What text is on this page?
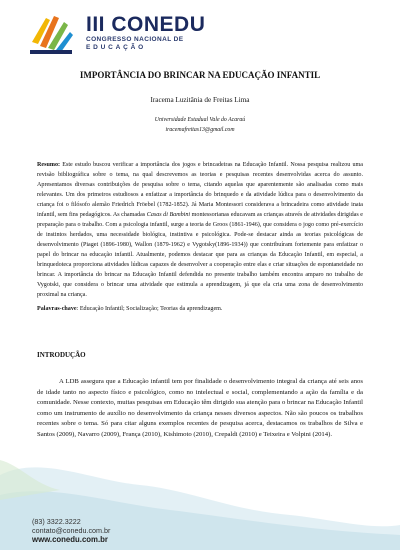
III CONEDU
CONGRESSO NACIONAL DE
EDUCAÇÃO
IMPORTÂNCIA DO BRINCAR NA EDUCAÇÃO INFANTIL
Iracema Luzitânia de Freitas Lima
Universidade Estadual Vale do Acaraú
iracemafreitas13@gmail.com
Resumo: Este estudo buscou verificar a importância dos jogos e brincadeiras na Educação Infantil. Nossa pesquisa realizou uma revisão bibliográfica sobre o tema, na qual descrevemos as teorias e pesquisas recentes desenvolvidas acerca do assunto. Apresentamos diversas contribuições de pesquisa sobre o tema, citando aquelas que aparentemente são analisadas como mais relevantes. Um dos primeiros estudiosos a enfatizar a importância do brinquedo e da atividade lúdica para o desenvolvimento da criança foi o filósofo alemão Friedrich Fröebel (1782-1852). Já Maria Montessori considerava a brincadeira como atividade inata infantil, sem fins pedagógicos. As chamadas Casas di Bambini montessorianas educavam as crianças através de atividades dirigidas e preparação para o trabalho. Com a psicologia infantil, surge a teoria de Groos (1861-1946), que considera o jogo como pré-exercício de instintos herdados, uma necessidade biológica, instintiva e psicológica. Pode-se destacar ainda as teorias psicológicas de desenvolvimento (Piaget (1896-1980), Wallon (1879-1962) e Vygotsky(1896-1934)) que contribuíram fortemente para enfatizar o papel do brincar na educação infantil. Atualmente, podemos destacar que para as crianças da Educação Infantil, em especial, a brinquedoteca proporciona atividades lúdicas capazes de desenvolver a cooperação entre elas e criar situações de espontaneidade no brincar. A importância do brincar na Educação Infantil defendida no presente trabalho também encontra amparo no trabalho de Vygotski, que considera o brincar uma atividade que estimula a aprendizagem, já que ela cria uma zona de desenvolvimento proximal na criança.
Palavras-chave: Educação Infantil; Socialização; Teorias da aprendizagem.
INTRODUÇÃO
A LDB assegura que a Educação infantil tem por finalidade o desenvolvimento integral da criança até seis anos de idade tanto no aspecto físico e psicológico, como no intelectual e social, complementando a ação da família e da comunidade. Nesse contexto, muitas pesquisas em Educação têm dirigido sua atenção para o brincar na Educação Infantil como um instrumento de auxílio no desenvolvimento da criança nesses diversos aspectos. Não são poucos os trabalhos recentes sobre o tema. Só para citar alguns exemplos recentes de pesquisa acerca, destacamos os trabalhos de Silva e Santos (2009), Navarro (2009), França (2010), Kishimoto (2010), Crepaldi (2010) e Teixeira e Volpini (2014).
(83) 3322.3222
contato@conedu.com.br
www.conedu.com.br
